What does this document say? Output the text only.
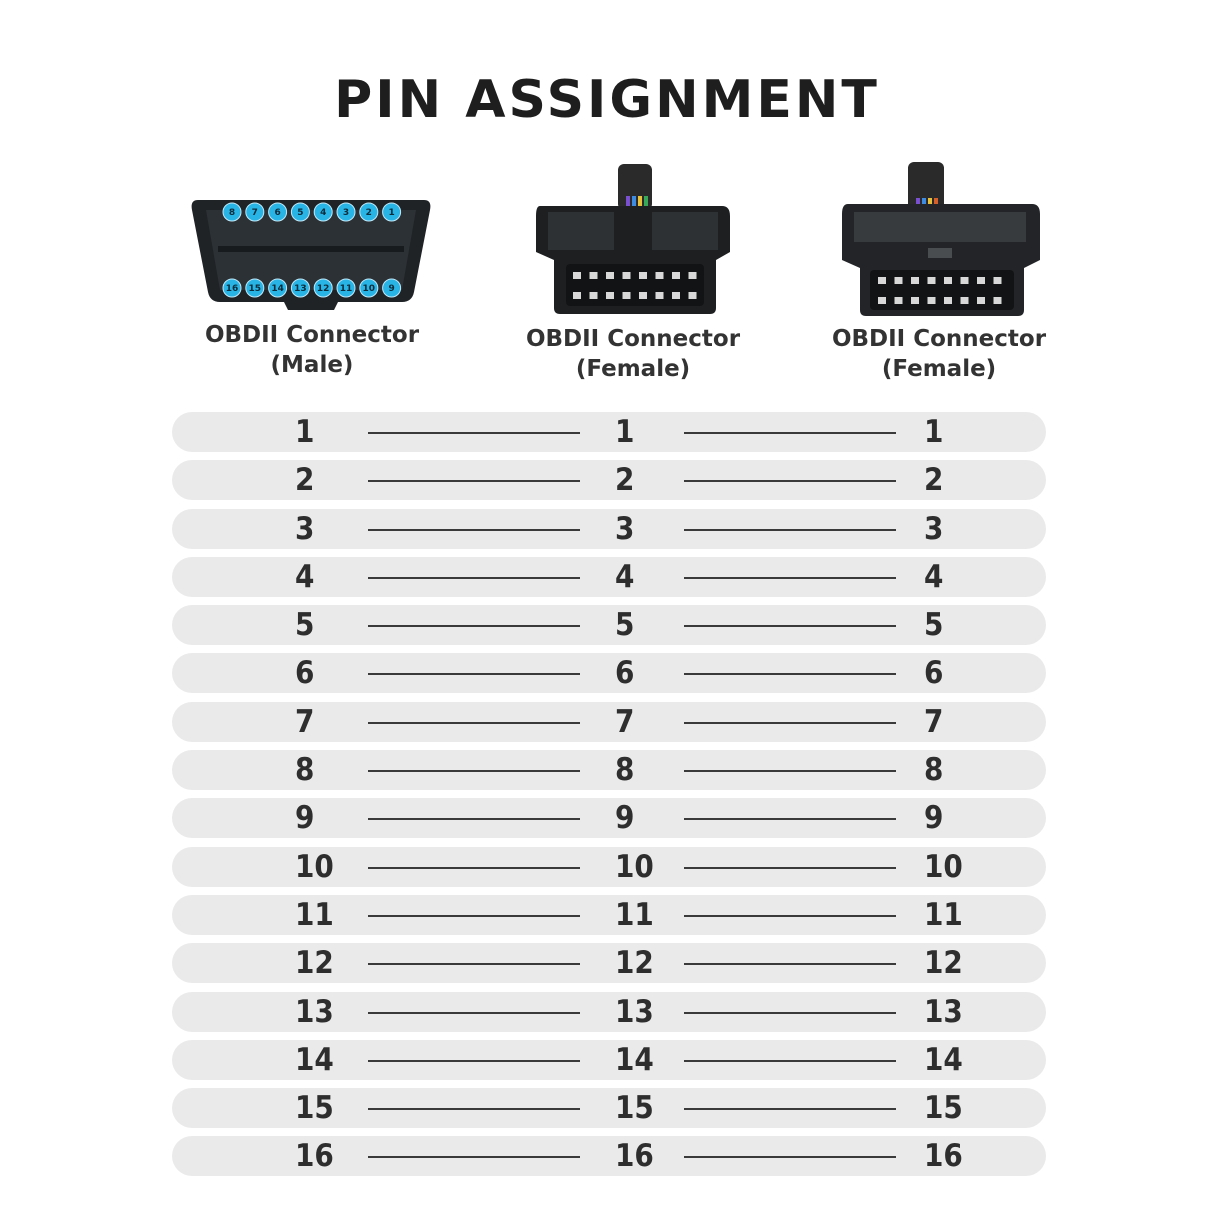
PIN ASSIGNMENT
8 7 6 5 4 3 2 1
16 15 14 13 12 11 10 9
OBDII Connector
(Male)
OBDII Connector
(Female)
OBDII Connector
(Female)
1	1	1
2	2	2
3	3	3
4	4	4
5	5	5
6	6	6
7	7	7
8	8	8
9	9	9
10	10	10
11	11	11
12	12	12
13	13	13
14	14	14
15	15	15
16	16	16
